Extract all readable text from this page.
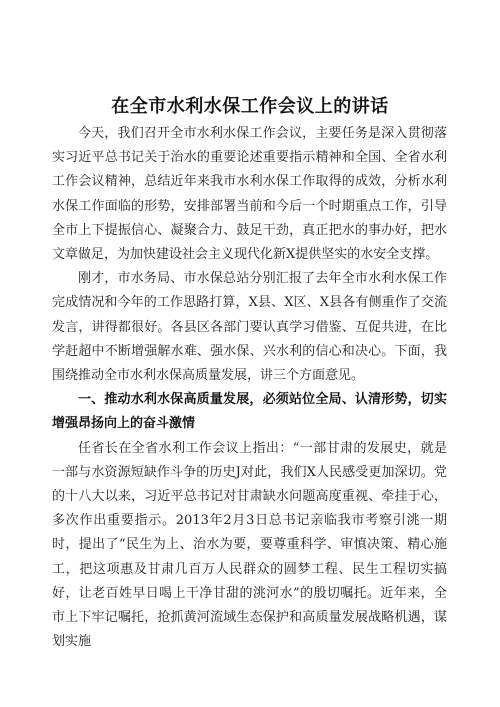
在全市水利水保工作会议上的讲话

今天，我们召开全市水利水保工作会议，主要任务是深入贯彻落实习近平总书记关于治水的重要论述重要指示精神和全国、全省水利工作会议精神，总结近年来我市水利水保工作取得的成效，分析水利水保工作面临的形势，安排部署当前和今后一个时期重点工作，引导全市上下提振信心、凝聚合力、鼓足干劲，真正把水的事办好，把水文章做足，为加快建设社会主义现代化新X提供坚实的水安全支撑。

刚才，市水务局、市水保总站分别汇报了去年全市水利水保工作完成情况和今年的工作思路打算，X县、X区、X县各有侧重作了交流发言，讲得都很好。各县区各部门要认真学习借鉴、互促共进，在比学赶超中不断增强解水难、强水保、兴水利的信心和决心。下面，我围绕推动全市水利水保高质量发展，讲三个方面意见。

一、推动水利水保高质量发展，必须站位全局、认清形势，切实增强昂扬向上的奋斗激情

任省长在全省水利工作会议上指出：“一部甘肃的发展史，就是一部与水资源短缺作斗争的历史J对此，我们X人民感受更加深切。党的十八大以来，习近平总书记对甘肃缺水问题高度重视、牵挂于心，多次作出重要指示。2013年2月3日总书记亲临我市考察引洮一期时，提出了“民生为上、治水为要，要尊重科学、审慎决策、精心施工，把这项惠及甘肃几百万人民群众的圆梦工程、民生工程切实搞好，让老百姓早日喝上干净甘甜的洮河水”的殷切嘱托。近年来，全市上下牢记嘱托，抢抓黄河流域生态保护和高质量发展战略机遇，谋划实施
